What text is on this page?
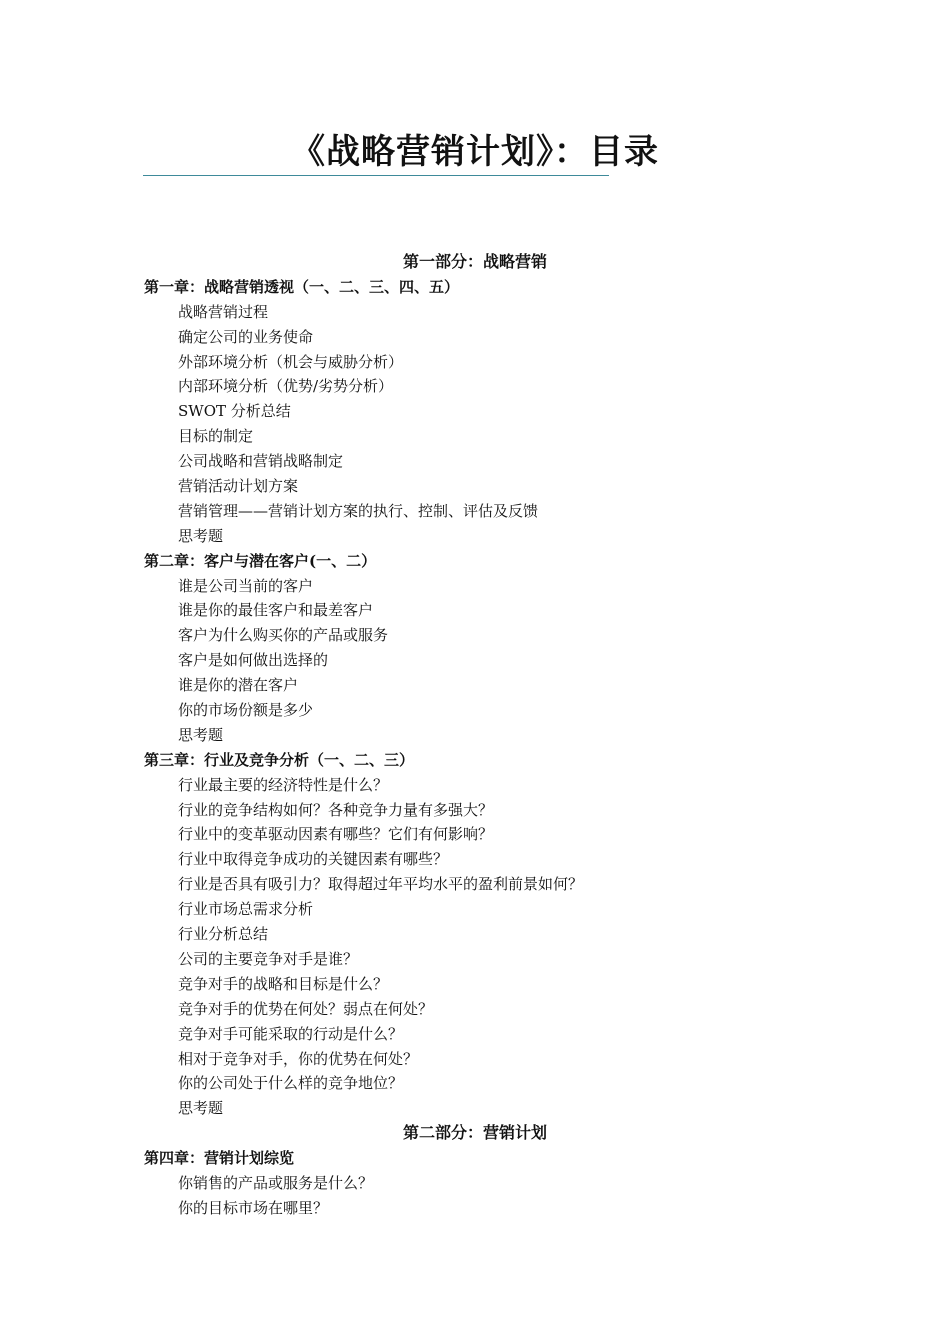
《战略营销计划》：目录
第一部分：战略营销
第一章：战略营销透视（一、二、三、四、五）
战略营销过程
确定公司的业务使命
外部环境分析（机会与威胁分析）
内部环境分析（优势/劣势分析）
SWOT 分析总结
目标的制定
公司战略和营销战略制定
营销活动计划方案
营销管理——营销计划方案的执行、控制、评估及反馈
思考题
第二章：客户与潜在客户(一、二）
谁是公司当前的客户
谁是你的最佳客户和最差客户
客户为什么购买你的产品或服务
客户是如何做出选择的
谁是你的潜在客户
你的市场份额是多少
思考题
第三章：行业及竞争分析（一、二、三）
行业最主要的经济特性是什么？
行业的竞争结构如何？各种竞争力量有多强大？
行业中的变革驱动因素有哪些？它们有何影响？
行业中取得竞争成功的关键因素有哪些？
行业是否具有吸引力？取得超过年平均水平的盈利前景如何？
行业市场总需求分析
行业分析总结
公司的主要竞争对手是谁？
竞争对手的战略和目标是什么？
竞争对手的优势在何处？弱点在何处？
竞争对手可能采取的行动是什么？
相对于竞争对手，你的优势在何处？
你的公司处于什么样的竞争地位？
思考题
第二部分：营销计划
第四章：营销计划综览
你销售的产品或服务是什么？
你的目标市场在哪里？
